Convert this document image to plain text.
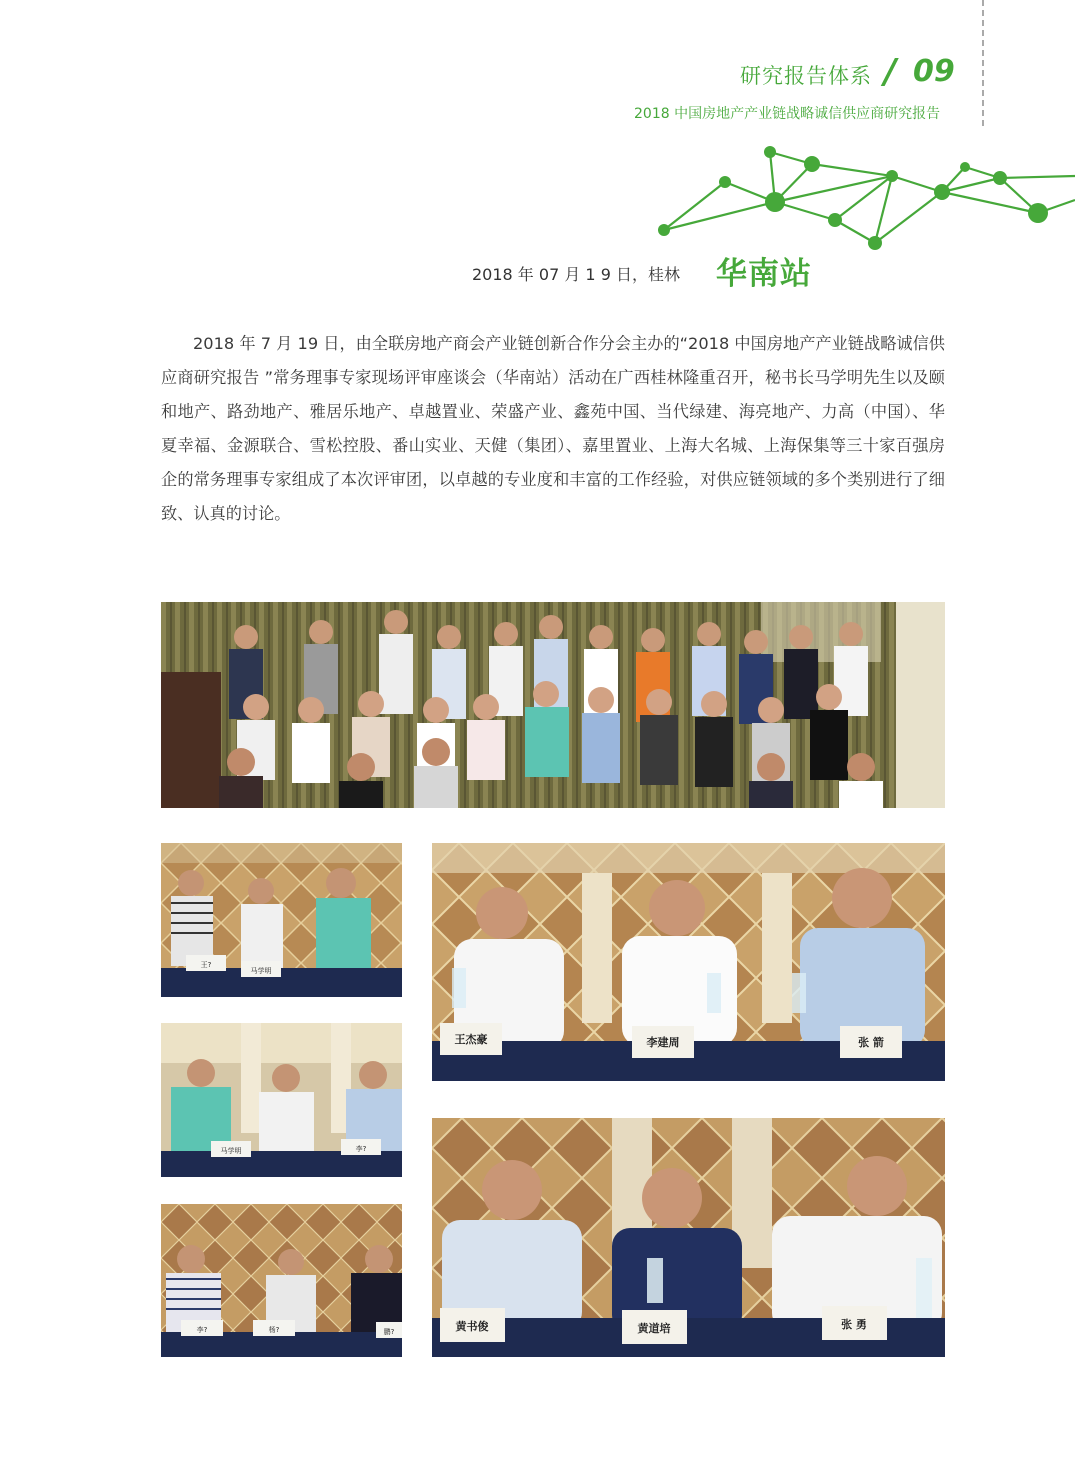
研究报告体系 / 09
2018 中国房地产产业链战略诚信供应商研究报告
2018 年 07 月 1 9 日，桂林 华南站

2018 年 7 月 19 日，由全联房地产商会产业链创新合作分会主办的“2018 中国房地产产业链战略诚信供应商研究报告 ”常务理事专家现场评审座谈会（华南站）活动在广西桂林隆重召开，秘书长马学明先生以及颐和地产、路劲地产、雅居乐地产、卓越置业、荣盛产业、鑫苑中国、当代绿建、海亮地产、力高（中国）、华夏幸福、金源联合、雪松控股、番山实业、天健（集团）、嘉里置业、上海大名城、上海保集等三十家百强房企的常务理事专家组成了本次评审团，以卓越的专业度和丰富的工作经验，对供应链领域的多个类别进行了细致、认真的讨论。

王?
马学明
王杰豪	李建周	张 箭
马学明	李?
黄书俊	黄道培	张 勇
李?	杨?	鹏?
